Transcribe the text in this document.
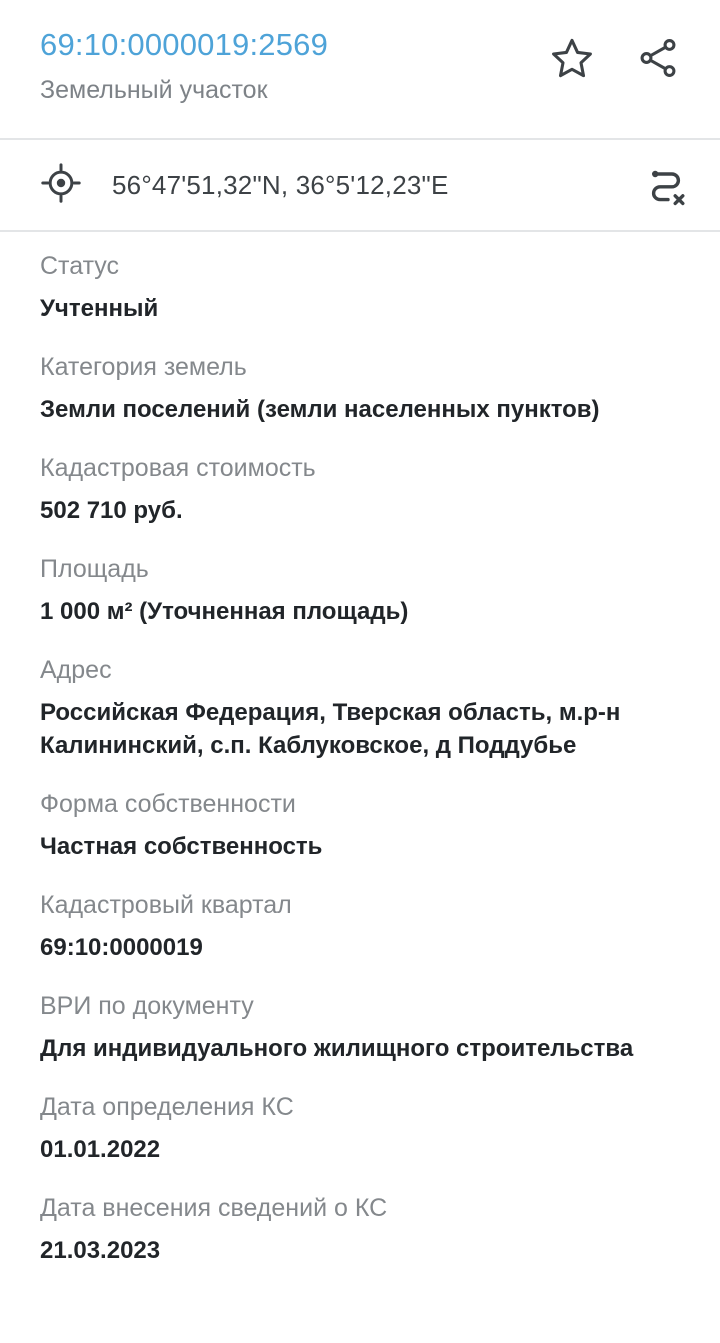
69:10:0000019:2569
Земельный участок
56°47'51,32"N, 36°5'12,23"E
Статус
Учтенный
Категория земель
Земли поселений (земли населенных пунктов)
Кадастровая стоимость
502 710 руб.
Площадь
1 000 м² (Уточненная площадь)
Адрес
Российская Федерация, Тверская область, м.р-н Калининский, с.п. Каблуковское, д Поддубье
Форма собственности
Частная собственность
Кадастровый квартал
69:10:0000019
ВРИ по документу
Для индивидуального жилищного строительства
Дата определения КС
01.01.2022
Дата внесения сведений о КС
21.03.2023
